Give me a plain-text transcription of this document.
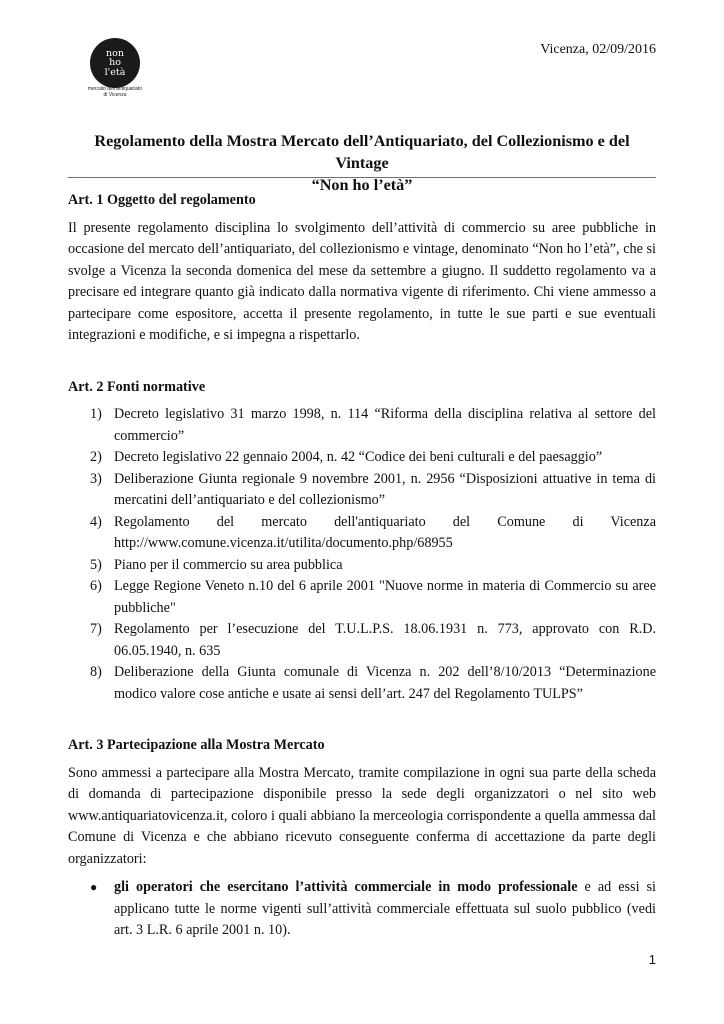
non
ho
l'età
mercato dell'antiquariato
di Vicenza
Vicenza, 02/09/2016
Regolamento della Mostra Mercato dell’Antiquariato, del Collezionismo e del Vintage
“Non ho l’età”
Art. 1 Oggetto del regolamento

Il presente regolamento disciplina lo svolgimento dell’attività di commercio su aree pubbliche in occasione del mercato dell’antiquariato, del collezionismo e vintage, denominato “Non ho l’età”, che si svolge a Vicenza la seconda domenica del mese da settembre a giugno. Il suddetto regolamento va a precisare ed integrare quanto già indicato dalla normativa vigente di riferimento. Chi viene ammesso a partecipare come espositore, accetta il presente regolamento, in tutte le sue parti e sue eventuali integrazioni e modifiche, e si impegna a rispettarlo.

Art. 2 Fonti normative
1) Decreto legislativo 31 marzo 1998, n. 114 “Riforma della disciplina relativa al settore del commercio”
2) Decreto legislativo 22 gennaio 2004, n. 42 “Codice dei beni culturali e del paesaggio”
3) Deliberazione Giunta regionale 9 novembre 2001, n. 2956 “Disposizioni attuative in tema di mercatini dell’antiquariato e del collezionismo”
4) Regolamento del mercato dell'antiquariato del Comune di Vicenza http://www.comune.vicenza.it/utilita/documento.php/68955
5) Piano per il commercio su area pubblica
6) Legge Regione Veneto n.10 del 6 aprile 2001 "Nuove norme in materia di Commercio su aree pubbliche"
7) Regolamento per l’esecuzione del T.U.L.P.S. 18.06.1931 n. 773, approvato con R.D. 06.05.1940, n. 635
8) Deliberazione della Giunta comunale di Vicenza n. 202 dell’8/10/2013 “Determinazione modico valore cose antiche e usate ai sensi dell’art. 247 del Regolamento TULPS”
Art. 3 Partecipazione alla Mostra Mercato

Sono ammessi a partecipare alla Mostra Mercato, tramite compilazione in ogni sua parte della scheda di domanda di partecipazione disponibile presso la sede degli organizzatori o nel sito web www.antiquariatovicenza.it, coloro i quali abbiano la merceologia corrispondente a quella ammessa dal Comune di Vicenza e che abbiano ricevuto conseguente conferma di accettazione da parte degli organizzatori:

● gli operatori che esercitano l’attività commerciale in modo professionale e ad essi si applicano tutte le norme vigenti sull’attività commerciale effettuata sul suolo pubblico (vedi art. 3 L.R. 6 aprile 2001 n. 10).
1
